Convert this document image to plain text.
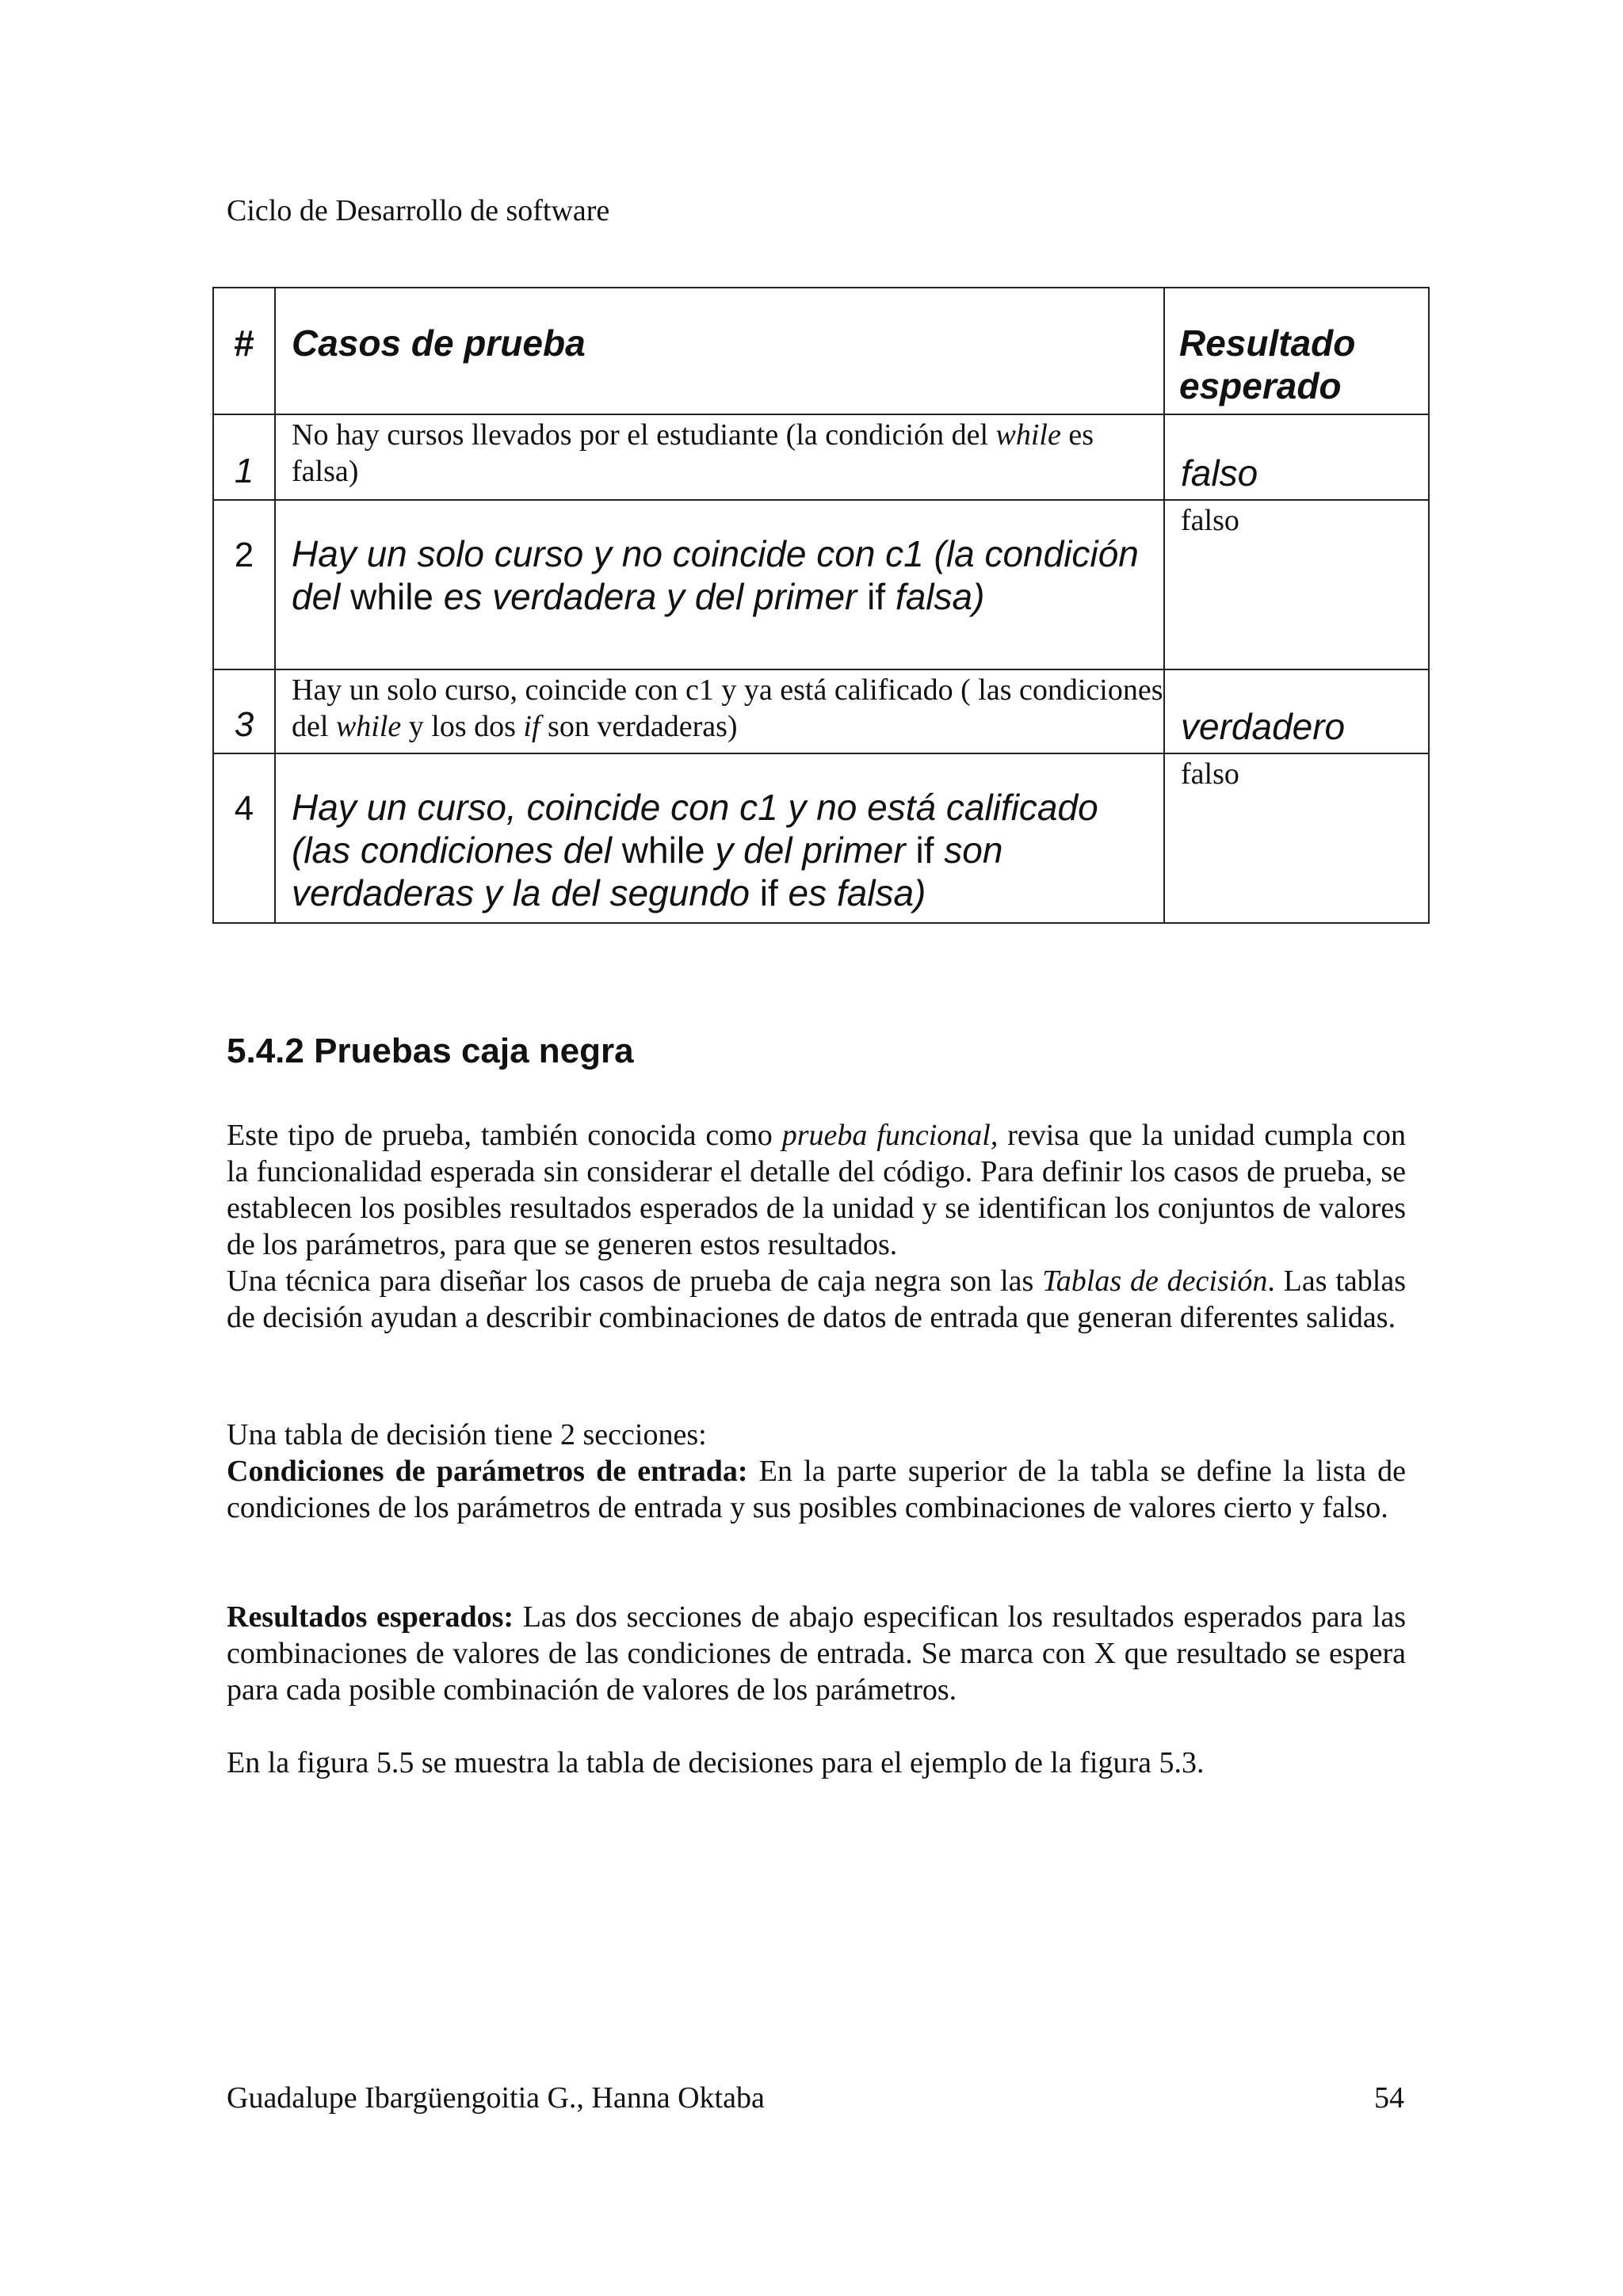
Ciclo de Desarrollo de software
#	Casos de prueba	Resultado esperado
1	No hay cursos llevados por el estudiante (la condición del while es falsa)	falso
2	Hay un solo curso y no coincide con c1 (la condición del while es verdadera y del primer if falsa)	falso
3	Hay un solo curso, coincide con c1 y ya está calificado ( las condiciones del while y los dos if son verdaderas)	verdadero
4	Hay un curso, coincide con c1 y no está calificado (las condiciones del while y del primer if son verdaderas y la del segundo if es falsa)	falso
5.4.2 Pruebas caja negra
Este tipo de prueba, también conocida como prueba funcional, revisa que la unidad cumpla con la funcionalidad esperada sin considerar el detalle del código. Para definir los casos de prueba, se establecen los posibles resultados esperados de la unidad y se identifican los conjuntos de valores de los parámetros, para que se generen estos resultados.
Una técnica para diseñar los casos de prueba de caja negra son las Tablas de decisión. Las tablas de decisión ayudan a describir combinaciones de datos de entrada que generan diferentes salidas.
Una tabla de decisión tiene 2 secciones:
Condiciones de parámetros de entrada: En la parte superior de la tabla se define la lista de condiciones de los parámetros de entrada y sus posibles combinaciones de valores cierto y falso.
Resultados esperados: Las dos secciones de abajo especifican los resultados esperados para las combinaciones de valores de las condiciones de entrada. Se marca con X que resultado se espera para cada posible combinación de valores de los parámetros.
En la figura 5.5 se muestra la tabla de decisiones para el ejemplo de la figura 5.3.
Guadalupe Ibargüengoitia G., Hanna Oktaba	54
